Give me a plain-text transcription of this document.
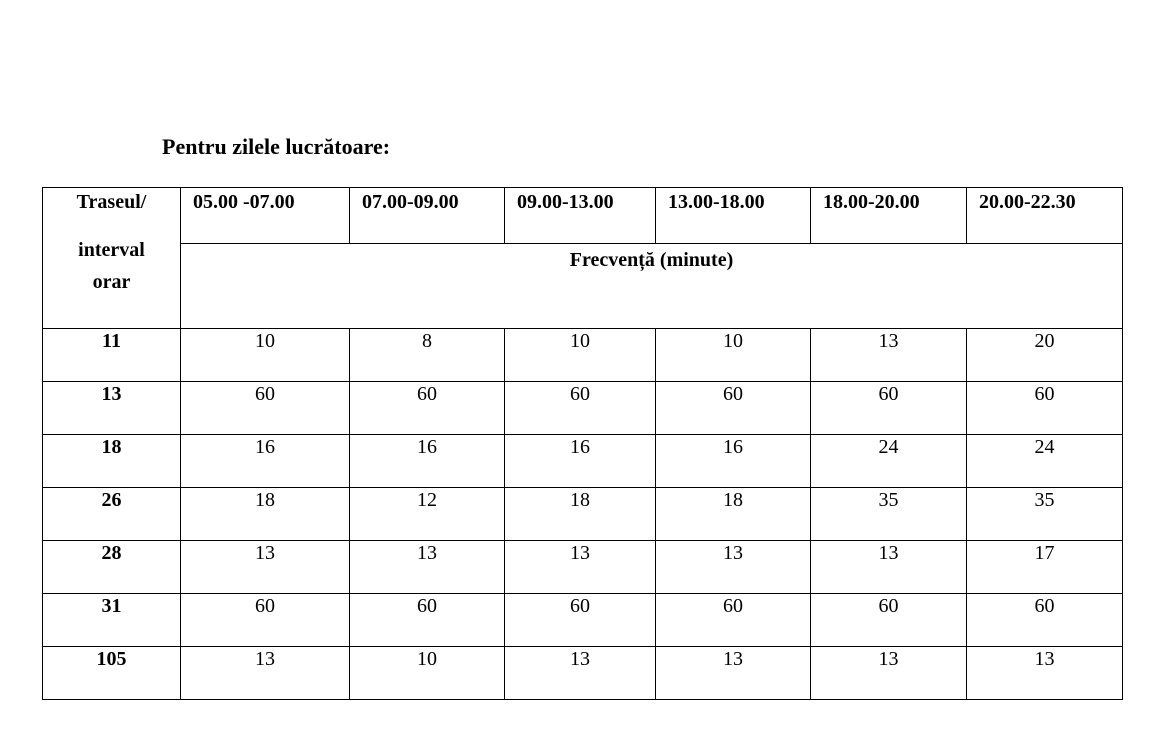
Pentru zilele lucrătoare:
Traseul/
interval
orar	05.00 -07.00	07.00-09.00	09.00-13.00	13.00-18.00	18.00-20.00	20.00-22.30
	Frecvență (minute)					
11	10	8	10	10	13	20
13	60	60	60	60	60	60
18	16	16	16	16	24	24
26	18	12	18	18	35	35
28	13	13	13	13	13	17
31	60	60	60	60	60	60
105	13	10	13	13	13	13
